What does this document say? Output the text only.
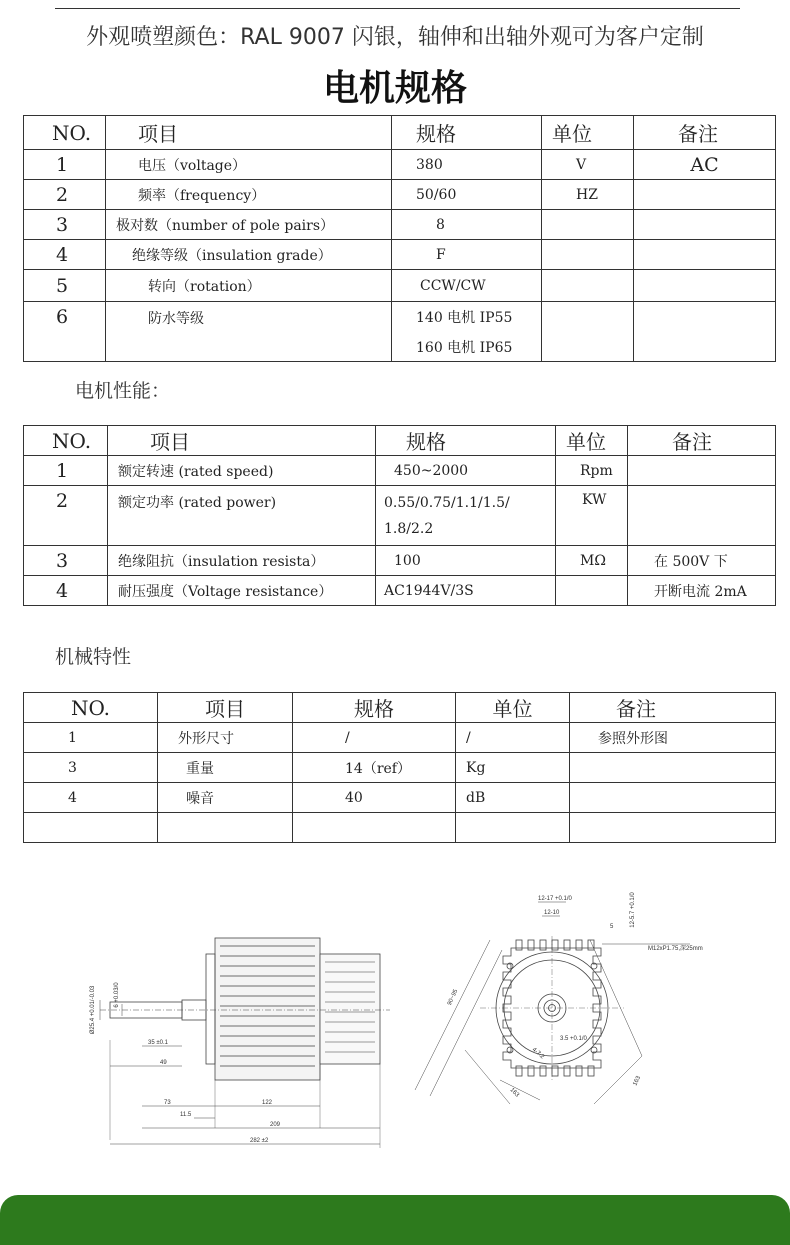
外观喷塑颜色：RAL 9007 闪银，轴伸和出轴外观可为客户定制
电机规格
NO.	项目	规格	单位	备注
1	电压（voltage）	380	V	AC
2	频率（frequency）	50/60	HZ	
3	极对数（number of pole pairs）	8		
4	绝缘等级（insulation grade）	F		
5	转向（rotation）	CCW/CW		
6	防水等级	140 电机 IP55
160 电机 IP65		

电机性能：
NO.	项目	规格	单位	备注
1	额定转速 (rated speed)	450~2000	Rpm	
2	额定功率 (rated power)	0.55/0.75/1.1/1.5/
1.8/2.2	KW	
3	绝缘阻抗（insulation resista）	100	MΩ	在 500V 下
4	耐压强度（Voltage resistance）	AC1944V/3S		开断电流 2mA
机械特性
NO.	项目	规格	单位	备注
1	外形尺寸	/	/	参照外形图
3	重量	14（ref）	Kg	
4	噪音	40	dB	

Ø25.4 +0.01/-0.03	6 +0.03/0
35 ±0.1
49
73	122
11.5
209
282 ±2
12-17 +0.1/0
12-10	12-5.7 +0.1/0
5
M12xP1.75,深25mm
90~95
3.5 +0.1/0
4-7.2
163
163
